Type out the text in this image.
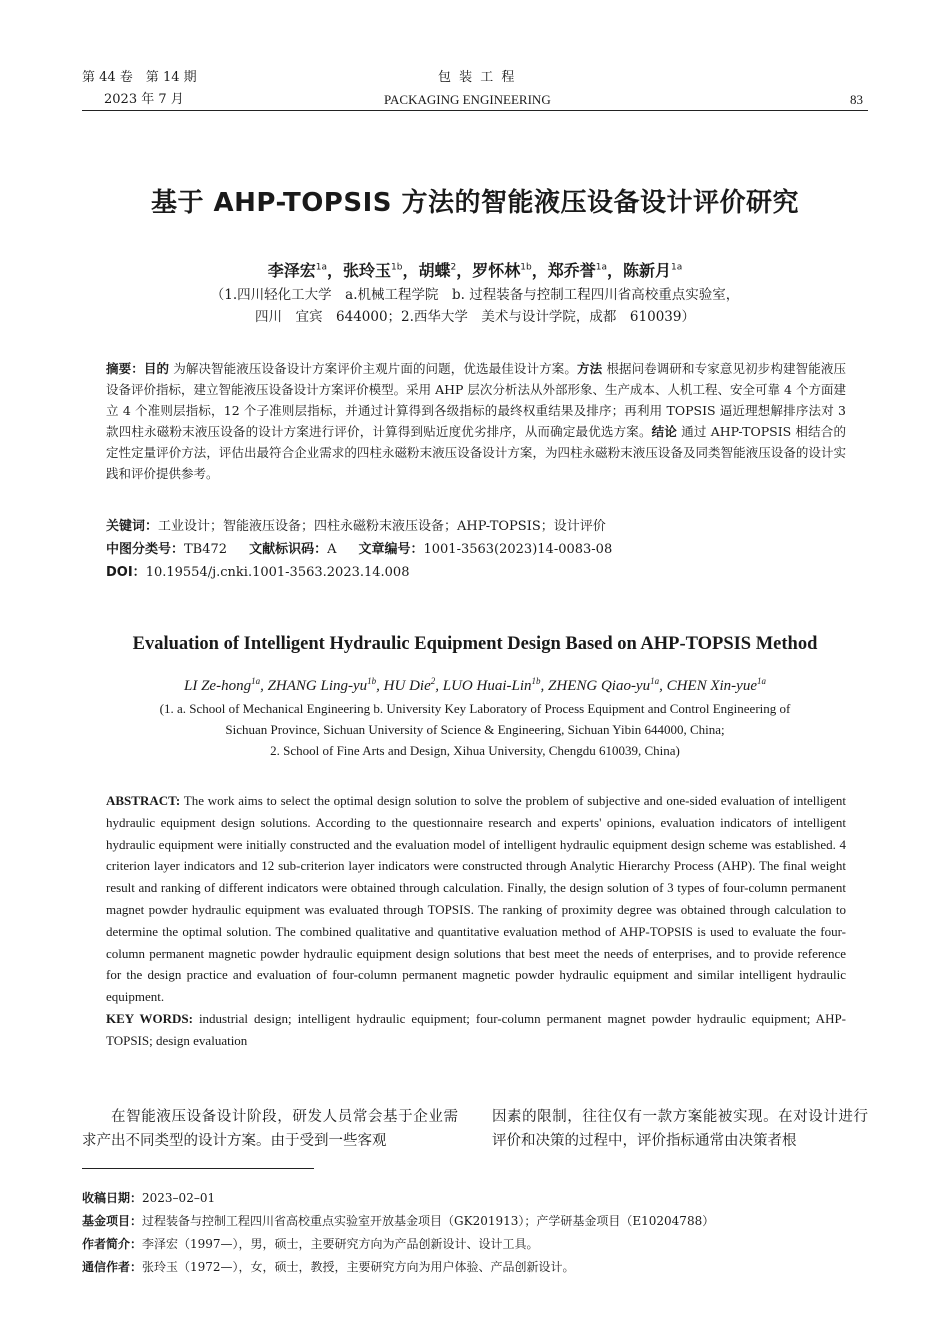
第 44 卷　第 14 期
2023 年 7 月
包 装 工 程
PACKAGING ENGINEERING	83
基于 AHP-TOPSIS 方法的智能液压设备设计评价研究
李泽宏$^{1a}$，张玲玉$^{1b}$，胡蝶$^2$，罗怀林$^{1b}$，郑乔誉$^{1a}$，陈新月$^{1a}$
（1.四川轻化工大学　a.机械工程学院　b. 过程装备与控制工程四川省高校重点实验室，
四川　宜宾　644000；2.西华大学　美术与设计学院，成都　610039）
摘要：目的 为解决智能液压设备设计方案评价主观片面的问题，优选最佳设计方案。方法 根据问卷调研和专家意见初步构建智能液压设备评价指标，建立智能液压设备设计方案评价模型。采用 AHP 层次分析法从外部形象、生产成本、人机工程、安全可靠 4 个方面建立 4 个准则层指标，12 个子准则层指标，并通过计算得到各级指标的最终权重结果及排序；再利用 TOPSIS 逼近理想解排序法对 3 款四柱永磁粉末液压设备的设计方案进行评价，计算得到贴近度优劣排序，从而确定最优选方案。结论 通过 AHP-TOPSIS 相结合的定性定量评价方法，评估出最符合企业需求的四柱永磁粉末液压设备设计方案，为四柱永磁粉末液压设备及同类智能液压设备的设计实践和评价提供参考。
关键词：工业设计；智能液压设备；四柱永磁粉末液压设备；AHP-TOPSIS；设计评价
中图分类号：TB472 文献标识码：A 文章编号：1001-3563(2023)14-0083-08
DOI：10.19554/j.cnki.1001-3563.2023.14.008
Evaluation of Intelligent Hydraulic Equipment Design Based on AHP-TOPSIS Method
LI Ze-hong$^{1a}$, ZHANG Ling-$yu^{1b}$, HU Die$^2$, LUO Huai-Lin$^{1b}$, ZHENG Qiao-$yu^{1a}$, CHEN Xin-yue$^{1a}$
(1. a. School of Mechanical Engineering b. University Key Laboratory of Process Equipment and Control Engineering of
Sichuan Province, Sichuan University of Science & Engineering, Sichuan Yibin 644000, China;
2. School of Fine Arts and Design, Xihua University, Chengdu 610039, China)
ABSTRACT: The work aims to select the optimal design solution to solve the problem of subjective and one-sided evaluation of intelligent hydraulic equipment design solutions. According to the questionnaire research and experts' opinions, evaluation indicators of intelligent hydraulic equipment were initially constructed and the evaluation model of intelligent hydraulic equipment design scheme was established. 4 criterion layer indicators and 12 sub-criterion layer indicators were constructed through Analytic Hierarchy Process (AHP). The final weight result and ranking of different indicators were obtained through calculation. Finally, the design solution of 3 types of four-column permanent magnet powder hydraulic equipment was evaluated through TOPSIS. The ranking of proximity degree was obtained through calculation to determine the optimal solution. The combined qualitative and quantitative evaluation method of AHP-TOPSIS is used to evaluate the four-column permanent magnetic powder hydraulic equipment design solutions that best meet the needs of enterprises, and to provide reference for the design practice and evaluation of four-column permanent magnetic powder hydraulic equipment and similar intelligent hydraulic equipment.
KEY WORDS: industrial design; intelligent hydraulic equipment; four-column permanent magnet powder hydraulic equipment; AHP-TOPSIS; design evaluation
在智能液压设备设计阶段，研发人员常会基于企业需求产出不同类型的设计方案。由于受到一些客观
因素的限制，往往仅有一款方案能被实现。在对设计进行评价和决策的过程中，评价指标通常由决策者根
收稿日期：2023–02–01
基金项目：过程装备与控制工程四川省高校重点实验室开放基金项目（GK201913）；产学研基金项目（E10204788）
作者简介：李泽宏（1997—），男，硕士，主要研究方向为产品创新设计、设计工具。
通信作者：张玲玉（1972—），女，硕士，教授，主要研究方向为用户体验、产品创新设计。
